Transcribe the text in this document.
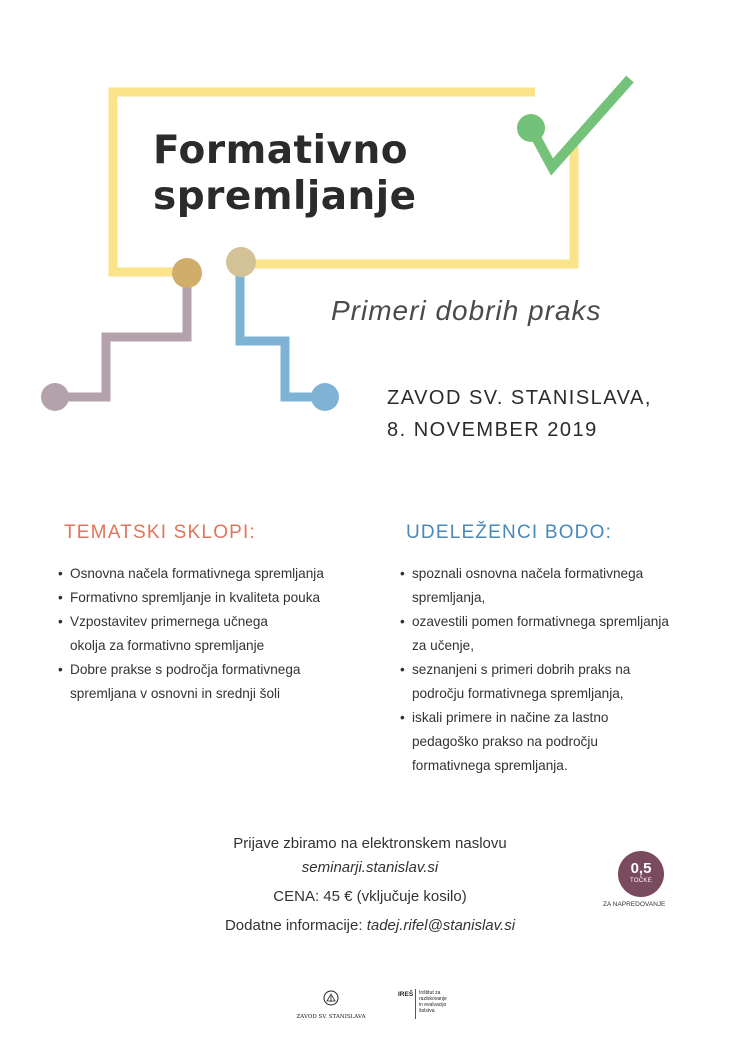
Formativno
spremljanje
Primeri dobrih praks
ZAVOD SV. STANISLAVA,
8. NOVEMBER 2019
TEMATSKI SKLOPI:
• Osnovna načela formativnega spremljanja
• Formativno spremljanje in kvaliteta pouka
• Vzpostavitev primernega učnega okolja za formativno spremljanje
• Dobre prakse s področja formativnega spremljana v osnovni in srednji šoli
UDELEŽENCI BODO:
• spoznali osnovna načela formativnega spremljanja,
• ozavestili pomen formativnega spremljanja za učenje,
• seznanjeni s primeri dobrih praks na področju formativnega spremljanja,
• iskali primere in načine za lastno pedagoško prakso na področju formativnega spremljanja.
Prijave zbiramo na elektronskem naslovu
seminarji.stanislav.si
CENA: 45 € (vključuje kosilo)
Dodatne informacije: tadej.rifel@stanislav.si
0,5
TOČKE
ZA NAPREDOVANJE
ZAVOD SV. STANISLAVA
IREŠ Inštitut za
raziskovanje
in evalvacijo
šolstva
